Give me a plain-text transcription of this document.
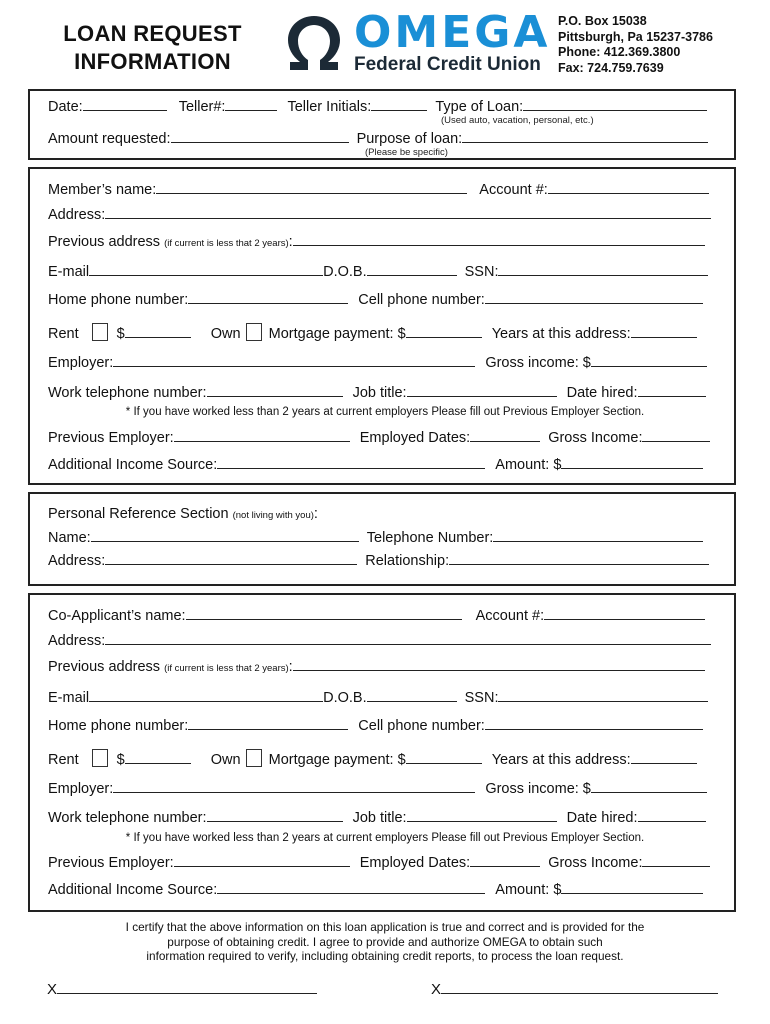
LOAN REQUEST
INFORMATION
OMEGA
Federal Credit Union
P.O. Box 15038
Pittsburgh, Pa 15237-3786
Phone: 412.369.3800
Fax: 724.759.7639
Date:	Teller#:	Teller Initials:	Type of Loan:
(Used auto, vacation, personal, etc.)
Amount requested:	Purpose of loan:
(Please be specific)
Member’s name:	Account #:
Address:
Previous address (if current is less that 2 years):
E-mail	D.O.B.	SSN:
Home phone number:	Cell phone number:
Rent	$	Own Mortgage payment: $	Years at this address:
Employer:	Gross income: $
Work telephone number:	Job title:	Date hired:
* If you have worked less than 2 years at current employers Please fill out Previous Employer Section.
Previous Employer:	Employed Dates:	Gross Income:
Additional Income Source:	Amount: $
Personal Reference Section (not living with you):
Name:	Telephone Number:
Address:	Relationship:
Co-Applicant’s name:	Account #:
Address:
Previous address (if current is less that 2 years):
E-mail	D.O.B.	SSN:
Home phone number:	Cell phone number:
Rent	$	Own Mortgage payment: $	Years at this address:
Employer:	Gross income: $
Work telephone number:	Job title:	Date hired:
* If you have worked less than 2 years at current employers Please fill out Previous Employer Section.
Previous Employer:	Employed Dates:	Gross Income:
Additional Income Source:	Amount: $
I certify that the above information on this loan application is true and correct and is provided for the
purpose of obtaining credit. I agree to provide and authorize OMEGA to obtain such
information required to verify, including obtaining credit reports, to process the loan request.
X	X
